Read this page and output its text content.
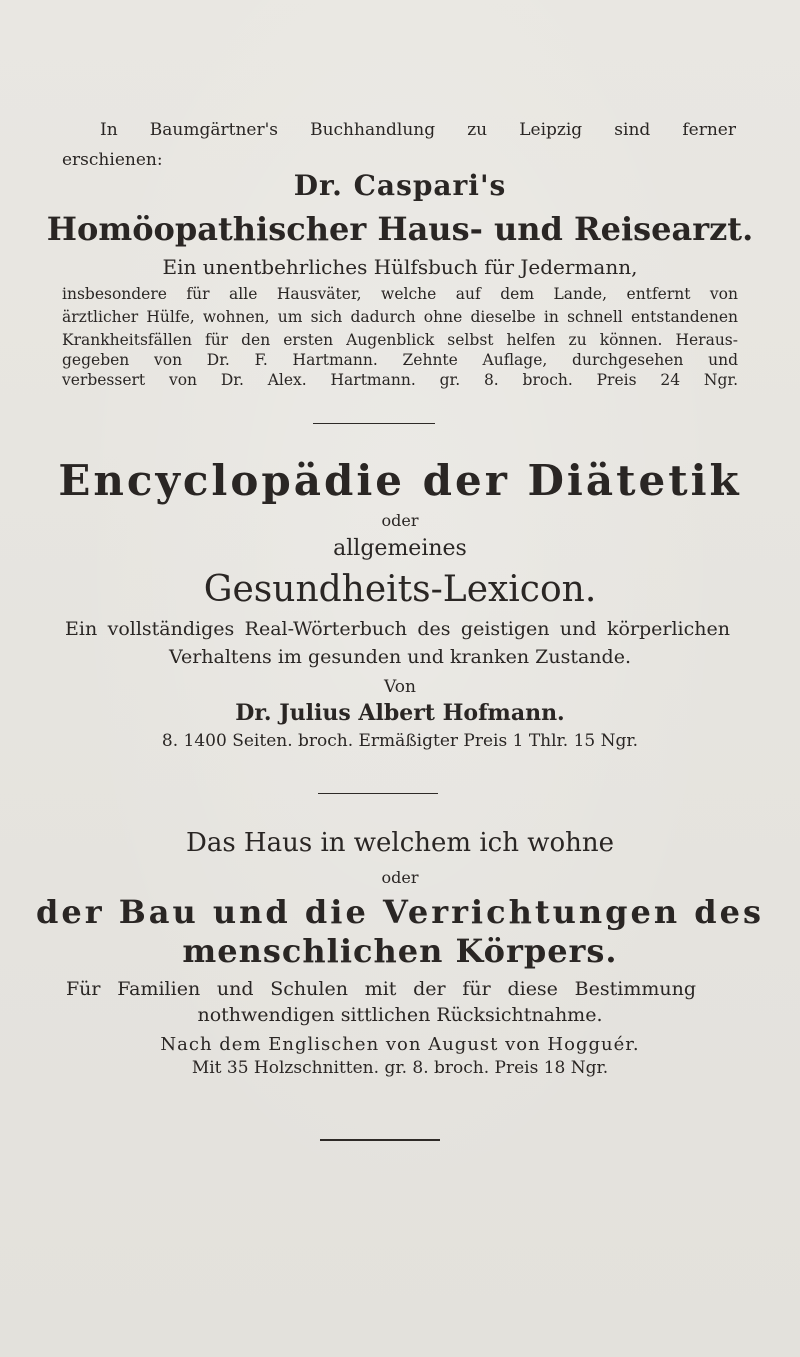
In Baumgärtner's Buchhandlung zu Leipzig sind ferner
erschienen:
Dr. Caspari's
Homöopathischer Haus- und Reisearzt.
Ein unentbehrliches Hülfsbuch für Jedermann,
insbesondere für alle Hausväter, welche auf dem Lande, entfernt von
ärztlicher Hülfe, wohnen, um sich dadurch ohne dieselbe in schnell entstandenen
Krankheitsfällen für den ersten Augenblick selbst helfen zu können. Heraus-
gegeben von Dr. F. Hartmann. Zehnte Auflage, durchgesehen und
verbessert von Dr. Alex. Hartmann. gr. 8. broch. Preis 24 Ngr.
Encyclopädie der Diätetik
oder
allgemeines
Gesundheits-Lexicon.
Ein vollständiges Real-Wörterbuch des geistigen und körperlichen
Verhaltens im gesunden und kranken Zustande.
Von
Dr. Julius Albert Hofmann.
8. 1400 Seiten. broch. Ermäßigter Preis 1 Thlr. 15 Ngr.
Das Haus in welchem ich wohne
oder
der Bau und die Verrichtungen des
menschlichen Körpers.
Für Familien und Schulen mit der für diese Bestimmung
nothwendigen sittlichen Rücksichtnahme.
Nach dem Englischen von August von Hogguér.
Mit 35 Holzschnitten. gr. 8. broch. Preis 18 Ngr.
